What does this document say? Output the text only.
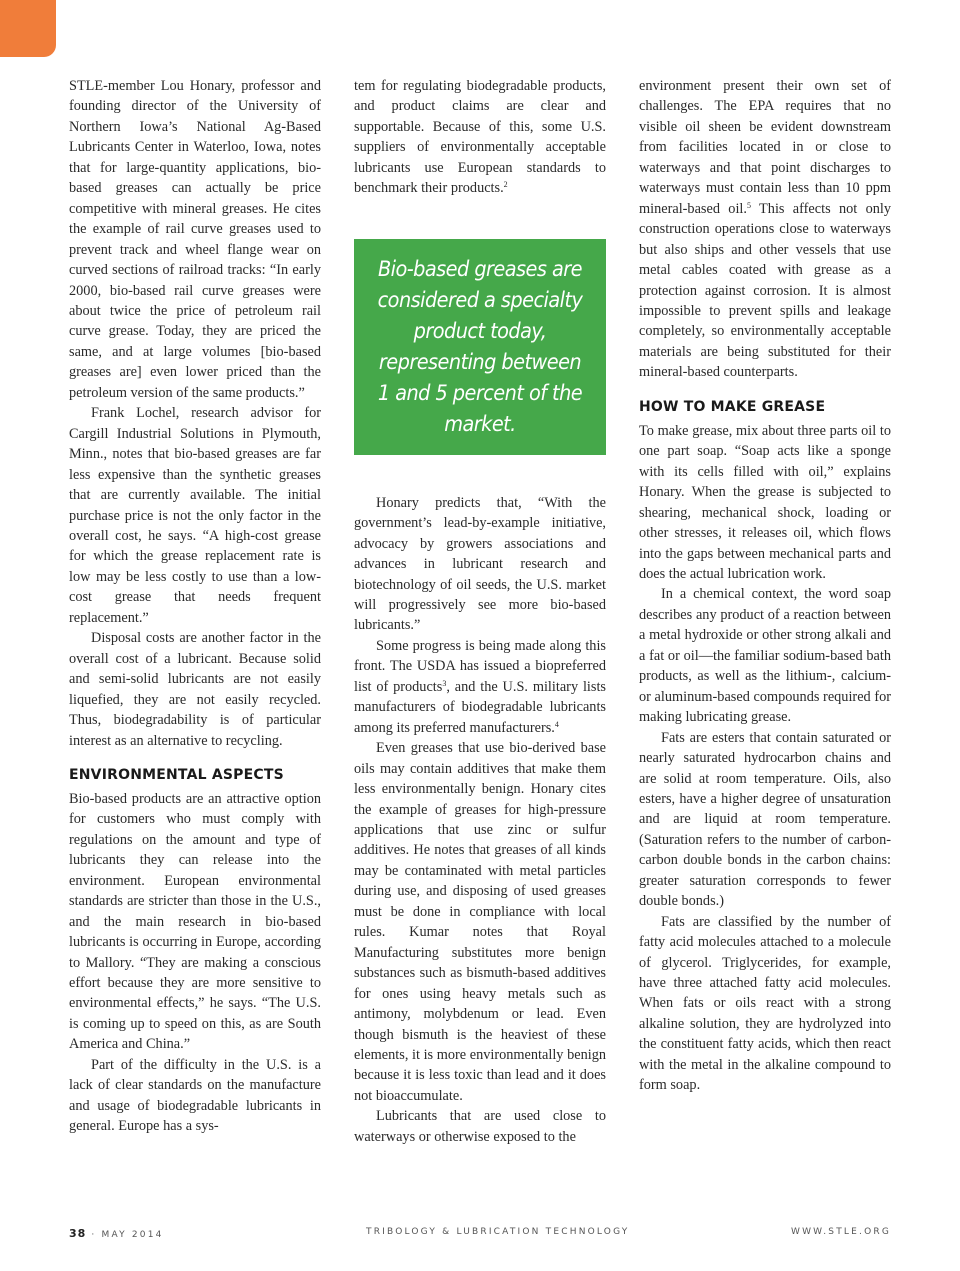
STLE-member Lou Honary, professor and founding director of the University of Northern Iowa’s National Ag-Based Lubricants Center in Waterloo, Iowa, notes that for large-quantity applications, bio-based greases can actually be price competitive with mineral greases. He cites the example of rail curve greases used to prevent track and wheel flange wear on curved sections of railroad tracks: “In early 2000, bio-based rail curve greases were about twice the price of petroleum rail curve grease. Today, they are priced the same, and at large volumes [bio-based greases are] even lower priced than the petroleum version of the same products.”

Frank Lochel, research advisor for Cargill Industrial Solutions in Plymouth, Minn., notes that bio-based greases are far less expensive than the synthetic greases that are currently available. The initial purchase price is not the only factor in the overall cost, he says. “A high-cost grease for which the grease replacement rate is low may be less costly to use than a low-cost grease that needs frequent replacement.”

Disposal costs are another factor in the overall cost of a lubricant. Because solid and semi-solid lubricants are not easily liquefied, they are not easily recycled. Thus, biodegradability is of particular interest as an alternative to recycling.

ENVIRONMENTAL ASPECTS

Bio-based products are an attractive option for customers who must comply with regulations on the amount and type of lubricants they can release into the environment. European environmental standards are stricter than those in the U.S., and the main research in bio-based lubricants is occurring in Europe, according to Mallory. “They are making a conscious effort because they are more sensitive to environmental effects,” he says. “The U.S. is coming up to speed on this, as are South America and China.”

Part of the difficulty in the U.S. is a lack of clear standards on the manufacture and usage of biodegradable lubricants in general. Europe has a sys-

tem for regulating biodegradable products, and product claims are clear and supportable. Because of this, some U.S. suppliers of environmentally acceptable lubricants use European standards to benchmark their products.$^2$

Bio-based greases are considered a specialty product today, representing between 1 and 5 percent of the market.

Honary predicts that, “With the government’s lead-by-example initiative, advocacy by growers associations and advances in lubricant research and biotechnology of oil seeds, the U.S. market will progressively see more bio-based lubricants.”

Some progress is being made along this front. The USDA has issued a biopreferred list of products$^3$, and the U.S. military lists manufacturers of biodegradable lubricants among its preferred manufacturers.$^4$

Even greases that use bio-derived base oils may contain additives that make them less environmentally benign. Honary cites the example of greases for high-pressure applications that use zinc or sulfur additives. He notes that greases of all kinds may be contaminated with metal particles during use, and disposing of used greases must be done in compliance with local rules. Kumar notes that Royal Manufacturing substitutes more benign substances such as bismuth-based additives for ones using heavy metals such as antimony, molybdenum or lead. Even though bismuth is the heaviest of these elements, it is more environmentally benign because it is less toxic than lead and it does not bioaccumulate.

Lubricants that are used close to waterways or otherwise exposed to the

environment present their own set of challenges. The EPA requires that no visible oil sheen be evident downstream from facilities located in or close to waterways and that point discharges to waterways must contain less than 10 ppm mineral-based oil.$^5$ This affects not only construction operations close to waterways but also ships and other vessels that use metal cables coated with grease as a protection against corrosion. It is almost impossible to prevent spills and leakage completely, so environmentally acceptable materials are being substituted for their mineral-based counterparts.

HOW TO MAKE GREASE

To make grease, mix about three parts oil to one part soap. “Soap acts like a sponge with its cells filled with oil,” explains Honary. When the grease is subjected to shearing, mechanical shock, loading or other stresses, it releases oil, which flows into the gaps between mechanical parts and does the actual lubrication work.

In a chemical context, the word soap describes any product of a reaction between a metal hydroxide or other strong alkali and a fat or oil—the familiar sodium-based bath products, as well as the lithium-, calcium- or aluminum-based compounds required for making lubricating grease.

Fats are esters that contain saturated or nearly saturated hydrocarbon chains and are solid at room temperature. Oils, also esters, have a higher degree of unsaturation and are liquid at room temperature. (Saturation refers to the number of carbon-carbon double bonds in the carbon chains: greater saturation corresponds to fewer double bonds.)

Fats are classified by the number of fatty acid molecules attached to a molecule of glycerol. Triglycerides, for example, have three attached fatty acid molecules. When fats or oils react with a strong alkaline solution, they are hydrolyzed into the constituent fatty acids, which then react with the metal in the alkaline compound to form soap.

38 · MAY 2014	TRIBOLOGY & LUBRICATION TECHNOLOGY	WWW.STLE.ORG
